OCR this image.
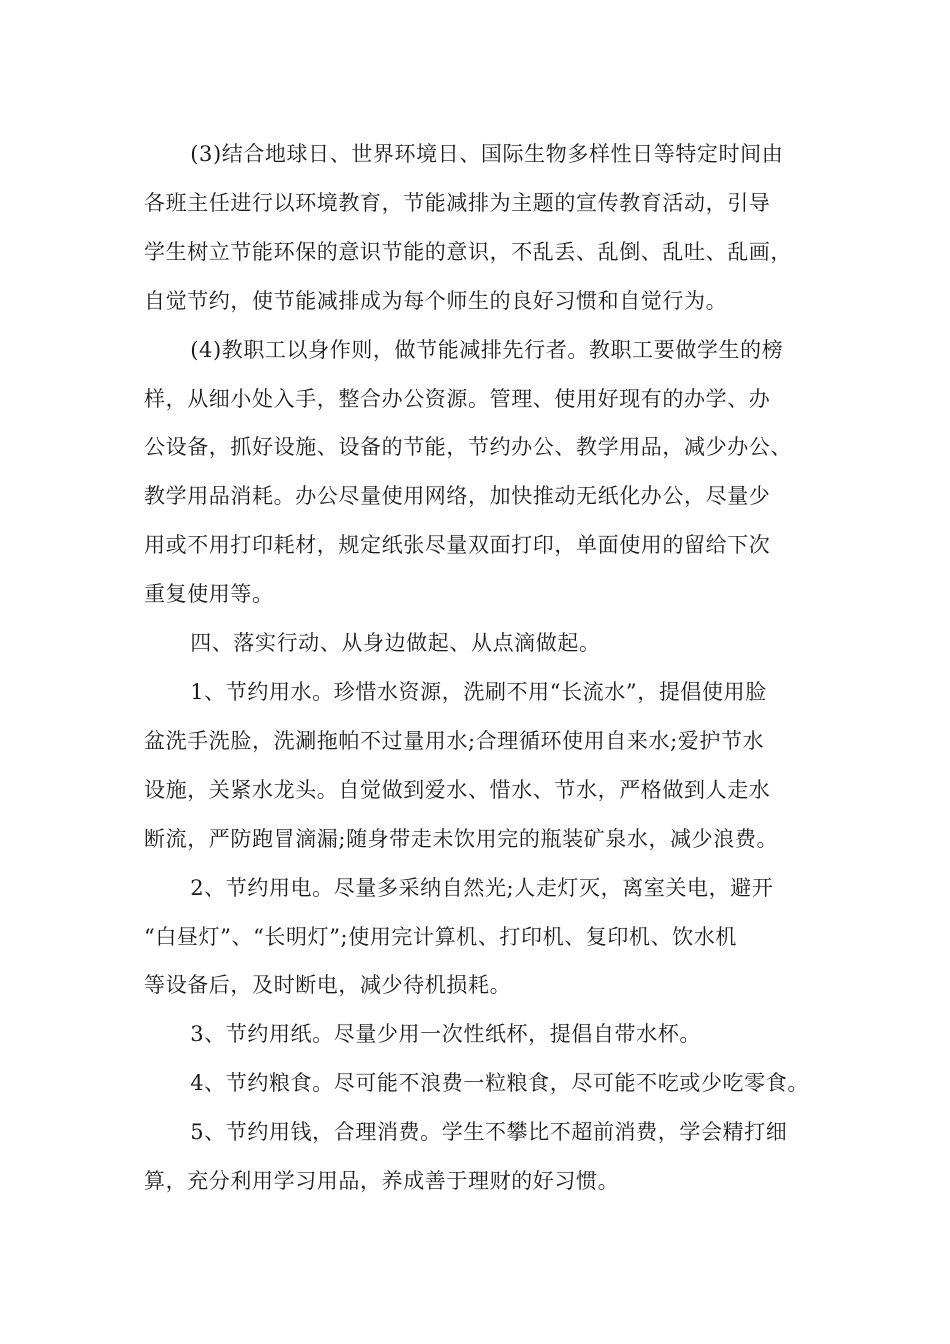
(3)结合地球日、世界环境日、国际生物多样性日等特定时间由
各班主任进行以环境教育，节能减排为主题的宣传教育活动，引导
学生树立节能环保的意识节能的意识，不乱丢、乱倒、乱吐、乱画，
自觉节约，使节能减排成为每个师生的良好习惯和自觉行为。

(4)教职工以身作则，做节能减排先行者。教职工要做学生的榜
样，从细小处入手，整合办公资源。管理、使用好现有的办学、办
公设备，抓好设施、设备的节能，节约办公、教学用品，减少办公、
教学用品消耗。办公尽量使用网络，加快推动无纸化办公，尽量少
用或不用打印耗材，规定纸张尽量双面打印，单面使用的留给下次
重复使用等。

四、落实行动、从身边做起、从点滴做起。

1、节约用水。珍惜水资源，洗刷不用“长流水”，提倡使用脸
盆洗手洗脸，洗涮拖帕不过量用水;合理循环使用自来水;爱护节水
设施，关紧水龙头。自觉做到爱水、惜水、节水，严格做到人走水
断流，严防跑冒滴漏;随身带走未饮用完的瓶装矿泉水，减少浪费。

2、节约用电。尽量多采纳自然光;人走灯灭，离室关电，避开
“白昼灯”、“长明灯”;使用完计算机、打印机、复印机、饮水机
等设备后，及时断电，减少待机损耗。

3、节约用纸。尽量少用一次性纸杯，提倡自带水杯。

4、节约粮食。尽可能不浪费一粒粮食，尽可能不吃或少吃零食。

5、节约用钱，合理消费。学生不攀比不超前消费，学会精打细
算，充分利用学习用品，养成善于理财的好习惯。
